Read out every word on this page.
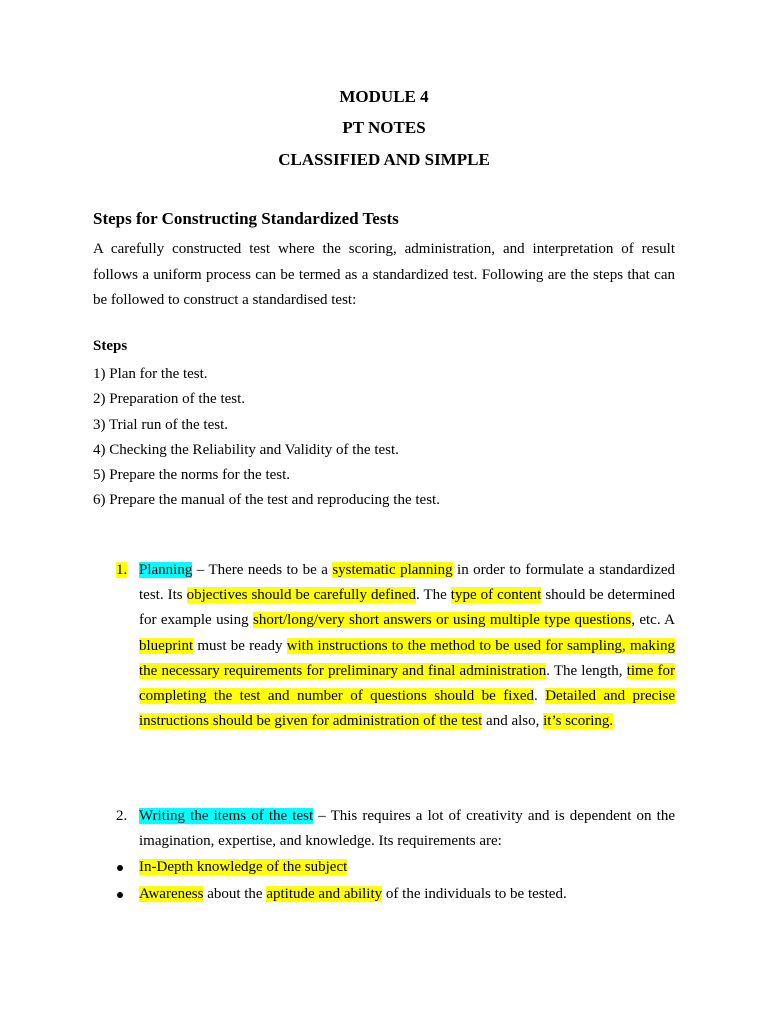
MODULE 4
PT NOTES
CLASSIFIED AND SIMPLE
Steps for Constructing Standardized Tests
A carefully constructed test where the scoring, administration, and interpretation of result follows a uniform process can be termed as a standardized test. Following are the steps that can be followed to construct a standardised test:
Steps
1) Plan for the test.
2) Preparation of the test.
3) Trial run of the test.
4) Checking the Reliability and Validity of the test.
5) Prepare the norms for the test.
6) Prepare the manual of the test and reproducing the test.
1. Planning – There needs to be a systematic planning in order to formulate a standardized test. Its objectives should be carefully defined. The type of content should be determined for example using short/long/very short answers or using multiple type questions, etc. A blueprint must be ready with instructions to the method to be used for sampling, making the necessary requirements for preliminary and final administration. The length, time for completing the test and number of questions should be fixed. Detailed and precise instructions should be given for administration of the test and also, it’s scoring.
2. Writing the items of the test – This requires a lot of creativity and is dependent on the imagination, expertise, and knowledge. Its requirements are:
In-Depth knowledge of the subject
Awareness about the aptitude and ability of the individuals to be tested.
